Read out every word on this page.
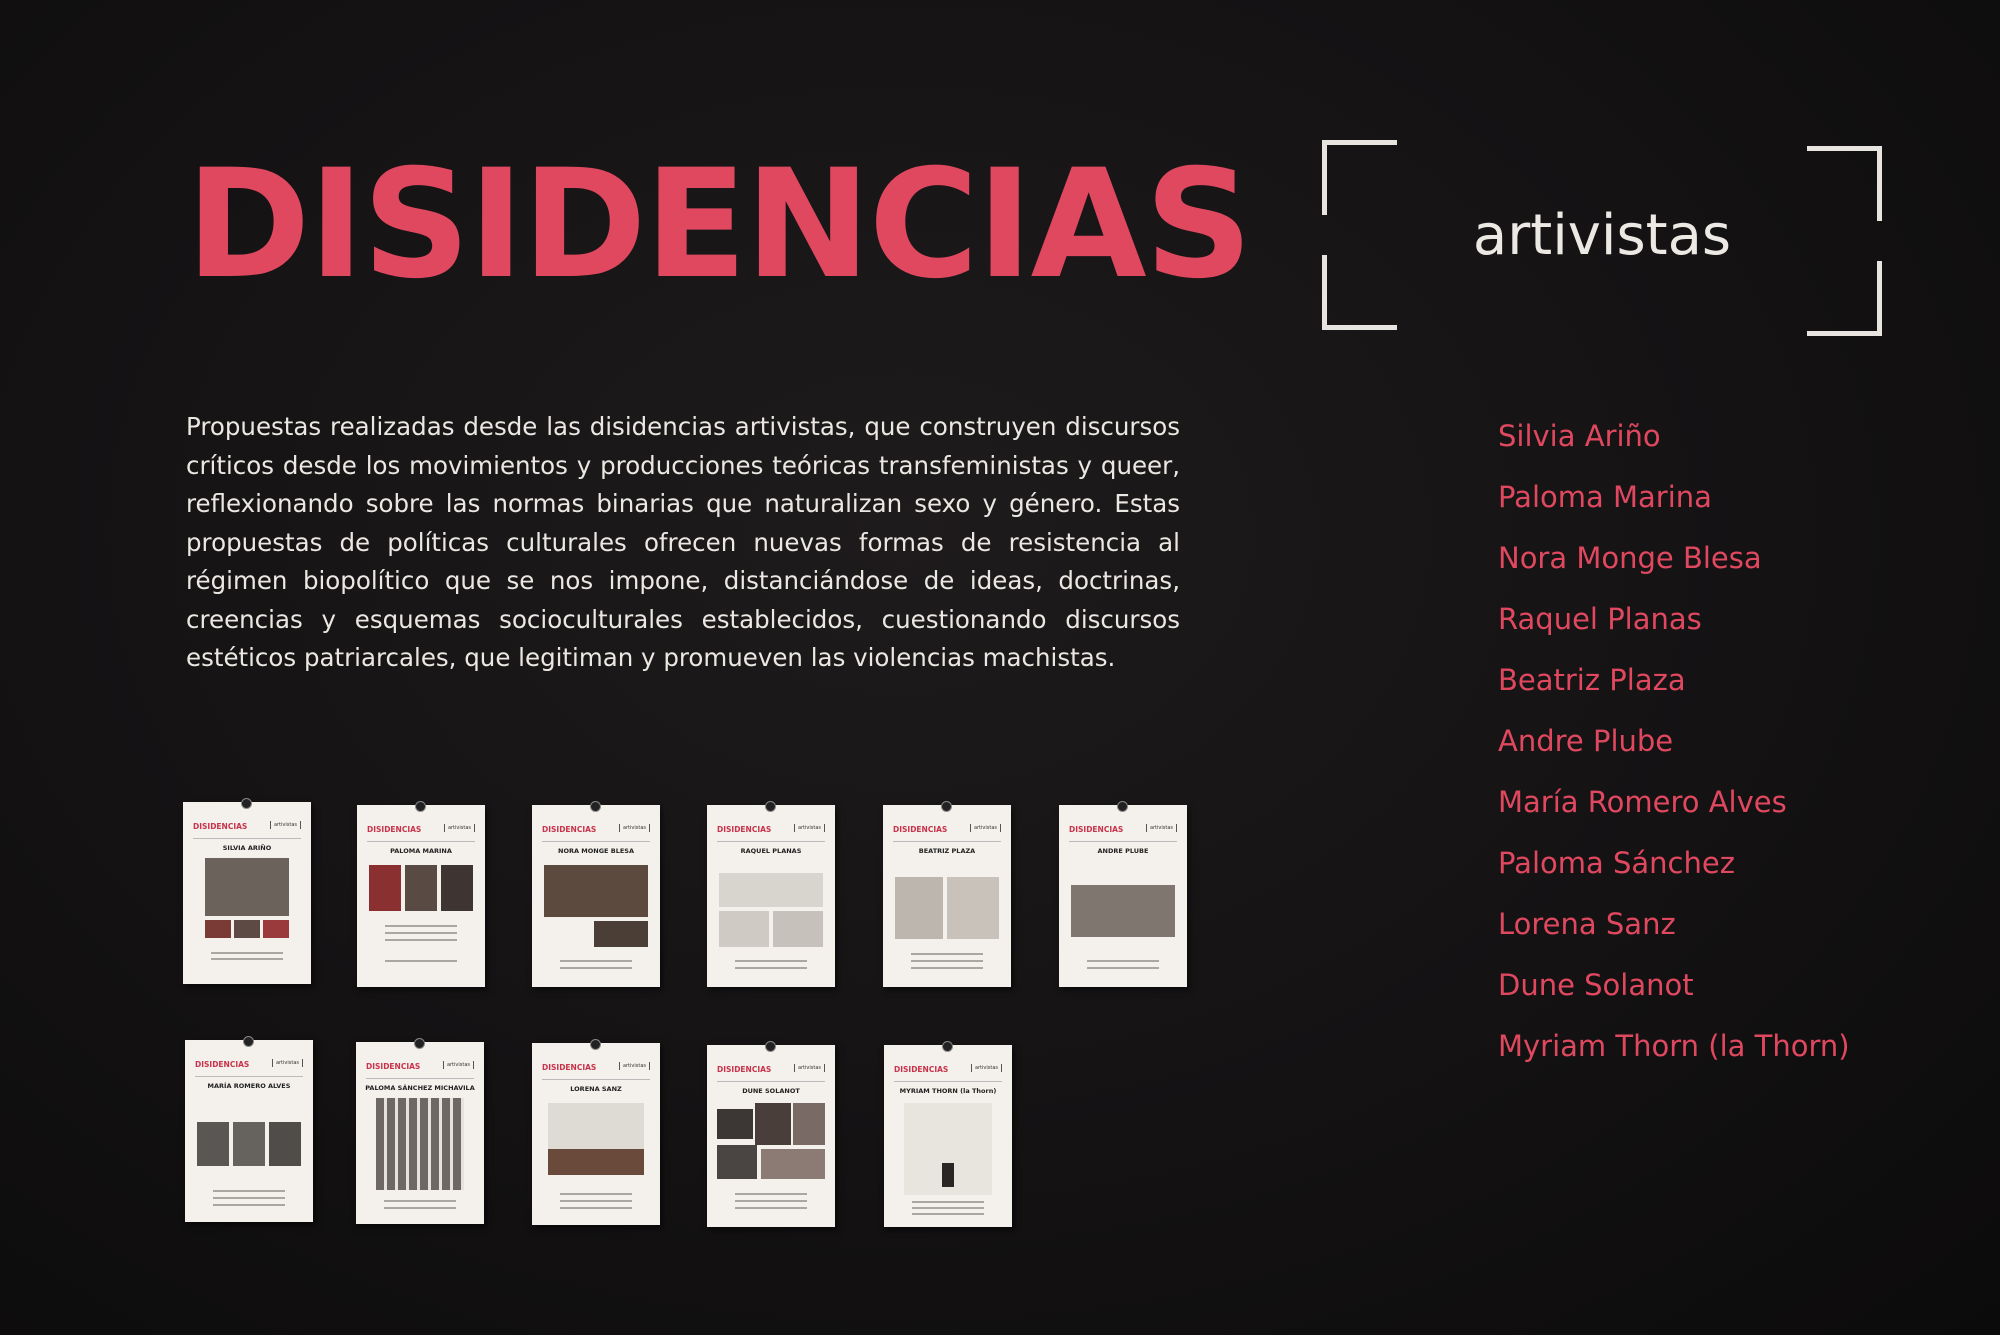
DISIDENCIAS	artivistas

Propuestas realizadas desde las disidencias artivistas, que construyen discursos críticos desde los movimientos y producciones teóricas transfeministas y queer, reflexionando sobre las normas binarias que naturalizan sexo y género. Estas propuestas de políticas culturales ofrecen nuevas formas de resistencia al régimen biopolítico que se nos impone, distanciándose de ideas, doctrinas, creencias y esquemas socioculturales establecidos, cuestionando discursos estéticos patriarcales, que legitiman y promueven las violencias machistas.

Silvia Ariño
Paloma Marina
Nora Monge Blesa
Raquel Planas
Beatriz Plaza
Andre Plube
María Romero Alves
Paloma Sánchez
Lorena Sanz
Dune Solanot
Myriam Thorn (la Thorn)
DISIDENCIAS	artivistas
SILVIA ARIÑO
DISIDENCIAS	artivistas
PALOMA MARINA
DISIDENCIAS	artivistas
NORA MONGE BLESA
DISIDENCIAS	artivistas
RAQUEL PLANAS
DISIDENCIAS	artivistas
BEATRIZ PLAZA
DISIDENCIAS	artivistas
ANDRE PLUBE
DISIDENCIAS	artivistas
MARÍA ROMERO ALVES
DISIDENCIAS	artivistas
PALOMA SÁNCHEZ MICHAVILA
DISIDENCIAS	artivistas
LORENA SANZ
DISIDENCIAS	artivistas
DUNE SOLANOT
DISIDENCIAS	artivistas
MYRIAM THORN (la Thorn)
